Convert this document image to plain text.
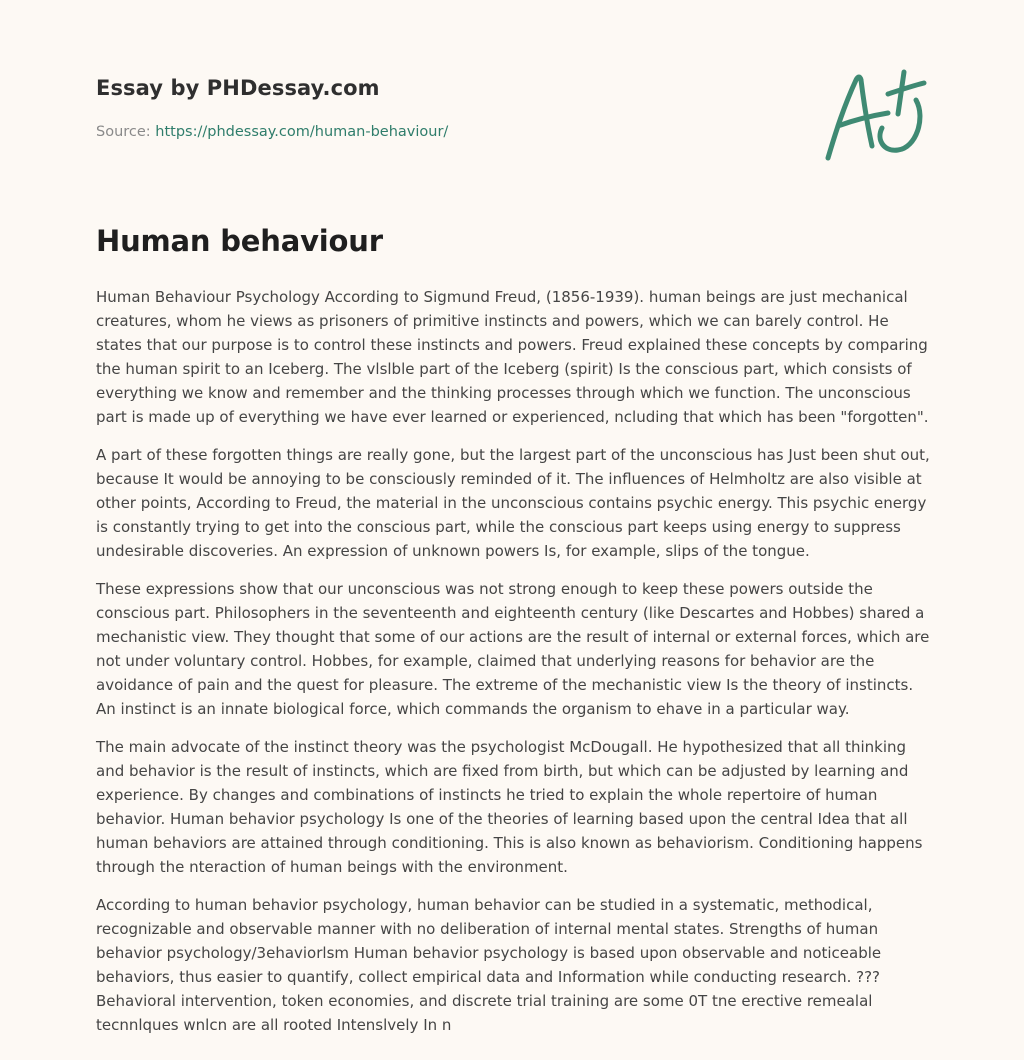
Essay by PHDessay.com
Source: https://phdessay.com/human-behaviour/
Human behaviour

Human Behaviour Psychology According to Sigmund Freud, (1856-1939). human beings are just mechanical creatures, whom he views as prisoners of primitive instincts and powers, which we can barely control. He states that our purpose is to control these instincts and powers. Freud explained these concepts by comparing the human spirit to an Iceberg. The vlslble part of the Iceberg (spirit) Is the conscious part, which consists of everything we know and remember and the thinking processes through which we function. The unconscious part is made up of everything we have ever learned or experienced, ncluding that which has been "forgotten".

A part of these forgotten things are really gone, but the largest part of the unconscious has Just been shut out, because It would be annoying to be consciously reminded of it. The influences of Helmholtz are also visible at other points, According to Freud, the material in the unconscious contains psychic energy. This psychic energy is constantly trying to get into the conscious part, while the conscious part keeps using energy to suppress undesirable discoveries. An expression of unknown powers Is, for example, slips of the tongue.

These expressions show that our unconscious was not strong enough to keep these powers outside the conscious part. Philosophers in the seventeenth and eighteenth century (like Descartes and Hobbes) shared a mechanistic view. They thought that some of our actions are the result of internal or external forces, which are not under voluntary control. Hobbes, for example, claimed that underlying reasons for behavior are the avoidance of pain and the quest for pleasure. The extreme of the mechanistic view Is the theory of instincts. An instinct is an innate biological force, which commands the organism to ehave in a particular way.

The main advocate of the instinct theory was the psychologist McDougall. He hypothesized that all thinking and behavior is the result of instincts, which are fixed from birth, but which can be adjusted by learning and experience. By changes and combinations of instincts he tried to explain the whole repertoire of human behavior. Human behavior psychology Is one of the theories of learning based upon the central Idea that all human behaviors are attained through conditioning. This is also known as behaviorism. Conditioning happens through the nteraction of human beings with the environment.

According to human behavior psychology, human behavior can be studied in a systematic, methodical, recognizable and observable manner with no deliberation of internal mental states. Strengths of human behavior psychology/3ehaviorlsm Human behavior psychology is based upon observable and noticeable behaviors, thus easier to quantify, collect empirical data and Information while conducting research. ??? Behavioral intervention, token economies, and discrete trial training are some 0T tne erective remealal tecnnlques wnlcn are all rooted Intenslvely In n
